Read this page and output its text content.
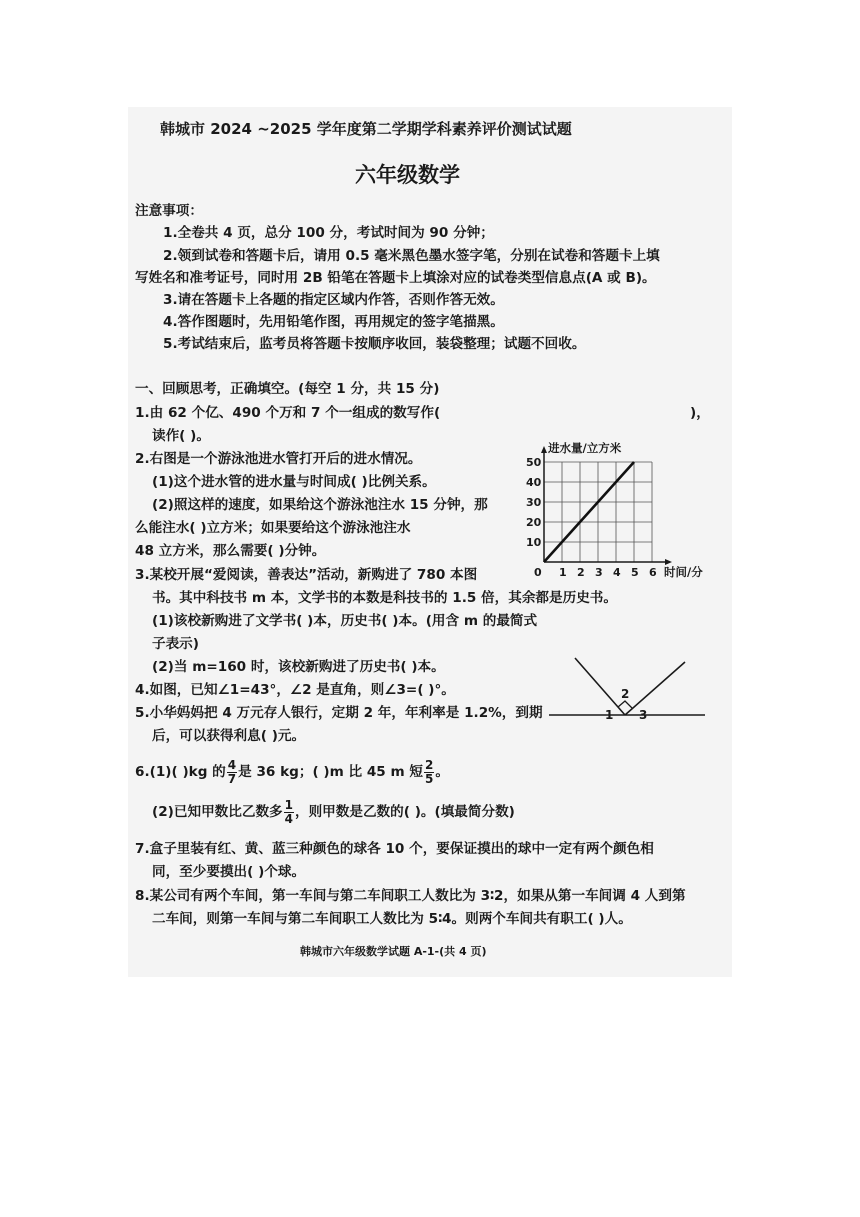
韩城市 2024 ~2025 学年度第二学期学科素养评价测试试题
六年级数学
注意事项：
1.全卷共 4 页，总分 100 分，考试时间为 90 分钟；
2.领到试卷和答题卡后，请用 0.5 毫米黑色墨水签字笔，分别在试卷和答题卡上填
写姓名和准考证号，同时用 2B 铅笔在答题卡上填涂对应的试卷类型信息点(A 或 B)。
3.请在答题卡上各题的指定区域内作答，否则作答无效。
4.答作图题时，先用铅笔作图，再用规定的签字笔描黑。
5.考试结束后，监考员将答题卡按顺序收回，装袋整理；试题不回收。
一、回顾思考，正确填空。(每空 1 分，共 15 分)
1.由 62 个亿、490 个万和 7 个一组成的数写作(	)，
读作( )。
2.右图是一个游泳池进水管打开后的进水情况。
(1)这个进水管的进水量与时间成( )比例关系。
(2)照这样的速度，如果给这个游泳池注水 15 分钟，那
么能注水( )立方米；如果要给这个游泳池注水
48 立方米，那么需要( )分钟。
0 1 2 3 4 5 6
10
20
30
40
50
进水量/立方米
时间/分
3.某校开展“爱阅读，善表达”活动，新购进了 780 本图
书。其中科技书 m 本，文学书的本数是科技书的 1.5 倍，其余都是历史书。
(1)该校新购进了文学书( )本，历史书( )本。(用含 m 的最简式
子表示)
(2)当 m=160 时，该校新购进了历史书( )本。
4.如图，已知∠1=43°，∠2 是直角，则∠3=( )°。
1
2
3
5.小华妈妈把 4 万元存人银行，定期 2 年，年利率是 1.2%，到期
后，可以获得利息( )元。
6.(1)( )kg 的 $\frac{4}{7}$ 是 36 kg；( )m 比 45 m 短 $\frac{2}{5}$ 。
(2)已知甲数比乙数多 $\frac{1}{4}$ ，则甲数是乙数的( )。(填最简分数)
7.盒子里装有红、黄、蓝三种颜色的球各 10 个，要保证摸出的球中一定有两个颜色相
同，至少要摸出( )个球。
8.某公司有两个车间，第一车间与第二车间职工人数比为 3∶2，如果从第一车间调 4 人到第
二车间，则第一车间与第二车间职工人数比为 5∶4。则两个车间共有职工( )人。
韩城市六年级数学试题 A-1-(共 4 页)
